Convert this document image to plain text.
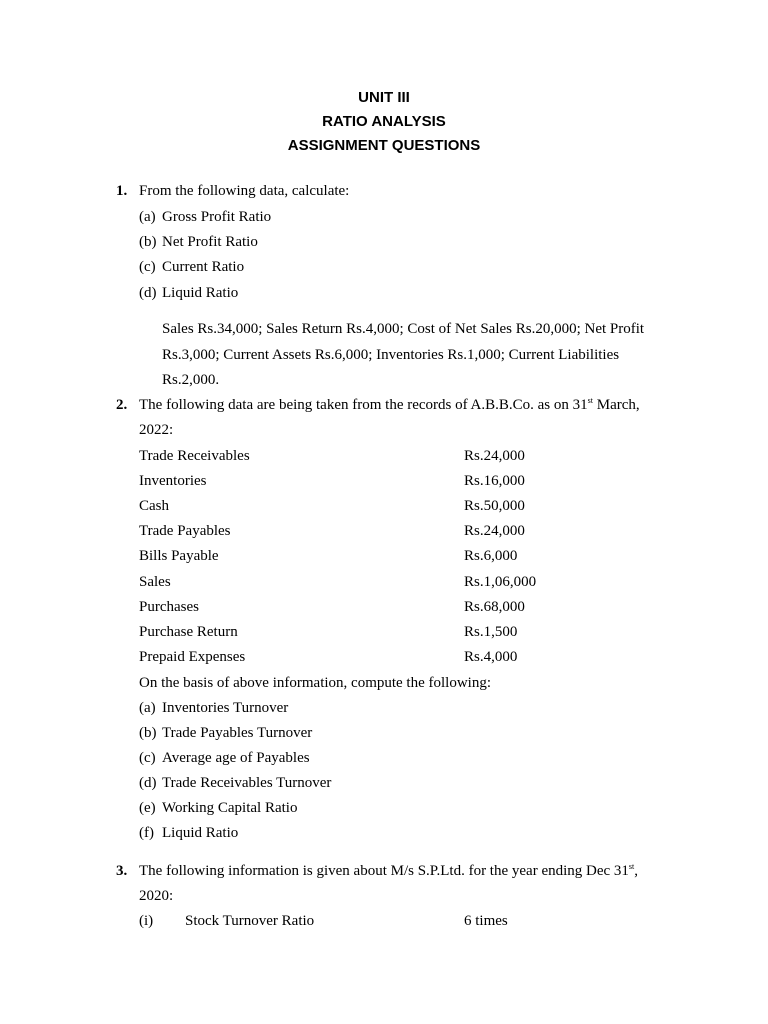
UNIT III
RATIO ANALYSIS
ASSIGNMENT QUESTIONS
1. From the following data, calculate:
(a) Gross Profit Ratio
(b) Net Profit Ratio
(c) Current Ratio
(d) Liquid Ratio
Sales Rs.34,000; Sales Return Rs.4,000; Cost of Net Sales Rs.20,000; Net Profit
Rs.3,000; Current Assets Rs.6,000; Inventories Rs.1,000; Current Liabilities
Rs.2,000.
2. The following data are being taken from the records of A.B.B.Co. as on 31st March,
2022:
Trade Receivables	Rs.24,000
Inventories	Rs.16,000
Cash	Rs.50,000
Trade Payables	Rs.24,000
Bills Payable	Rs.6,000
Sales	Rs.1,06,000
Purchases	Rs.68,000
Purchase Return	Rs.1,500
Prepaid Expenses	Rs.4,000
On the basis of above information, compute the following:
(a) Inventories Turnover
(b) Trade Payables Turnover
(c) Average age of Payables
(d) Trade Receivables Turnover
(e) Working Capital Ratio
(f) Liquid Ratio
3. The following information is given about M/s S.P.Ltd. for the year ending Dec 31st,
2020:
(i) Stock Turnover Ratio	6 times
